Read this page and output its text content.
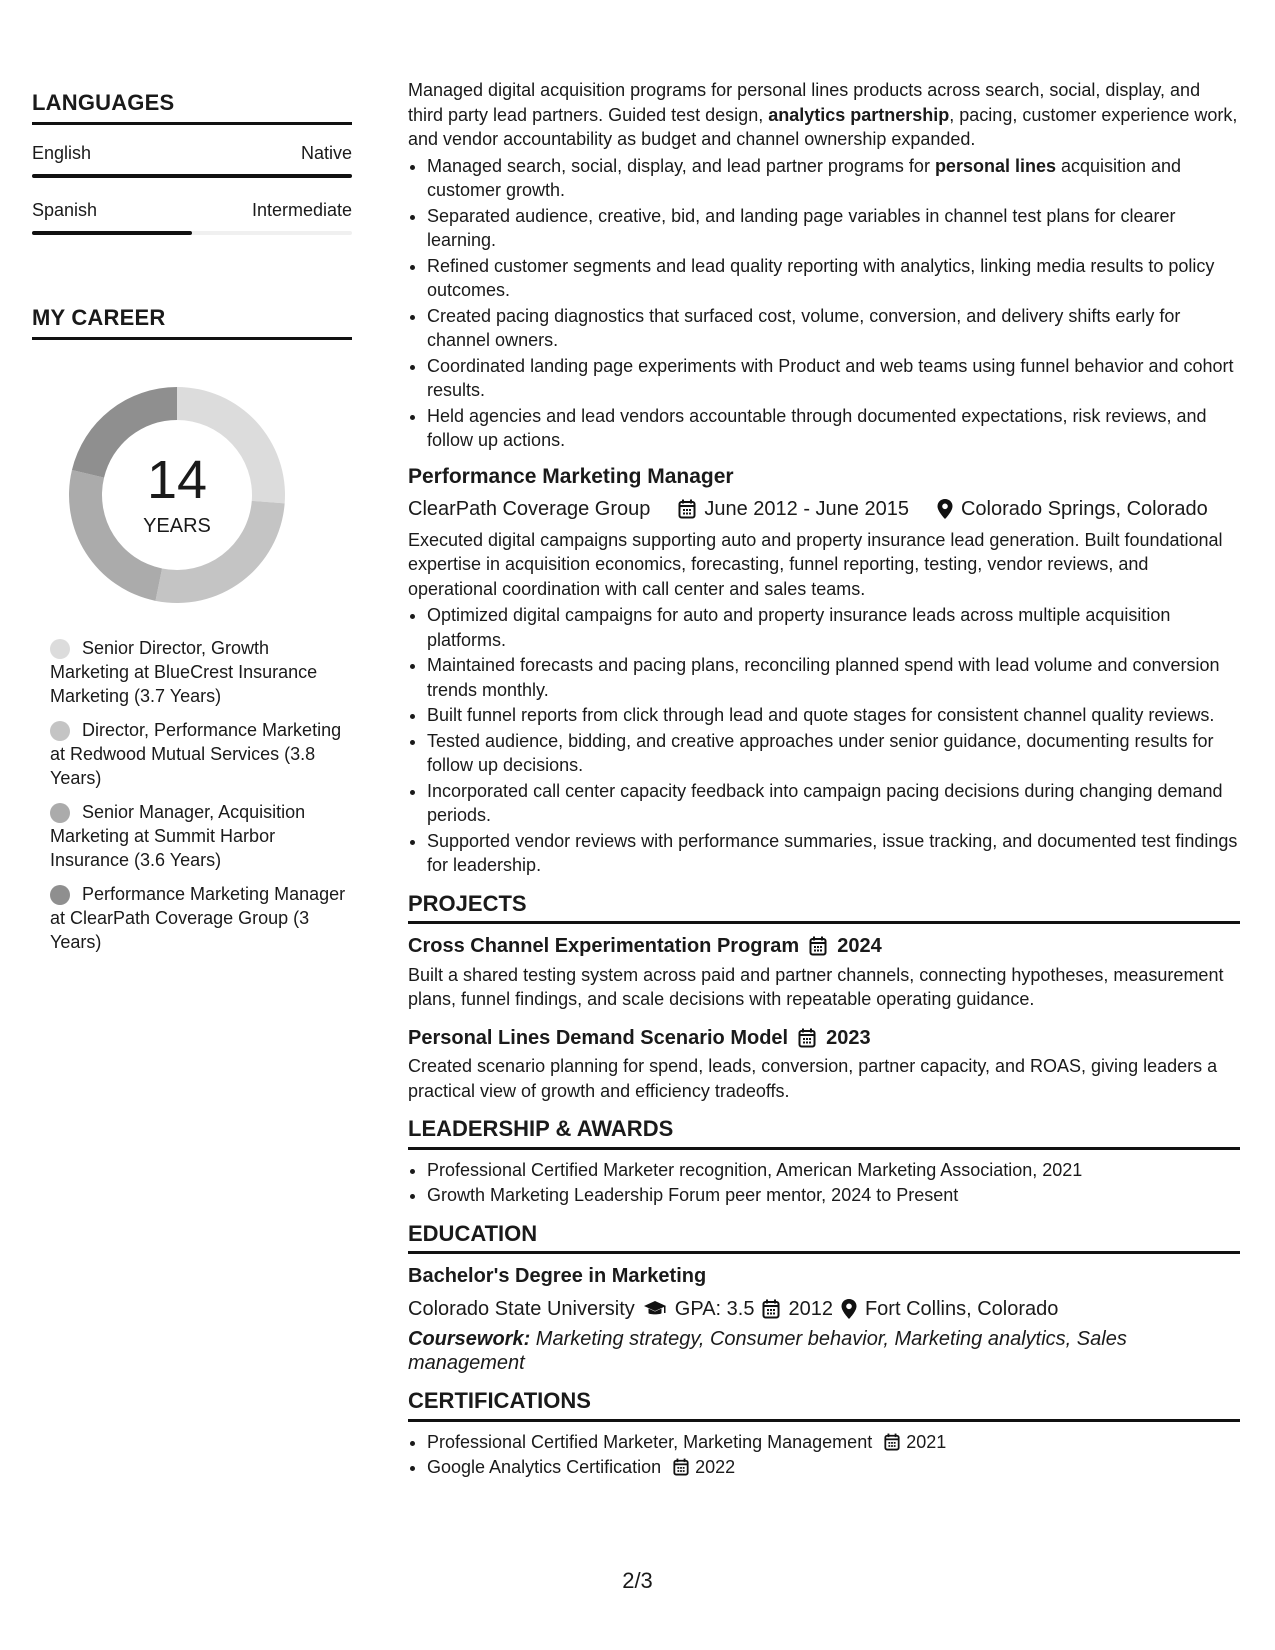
LANGUAGES
English	Native
Spanish	Intermediate
MY CAREER
14
YEARS
Senior Director, Growth Marketing at BlueCrest Insurance Marketing (3.7 Years)
Director, Performance Marketing at Redwood Mutual Services (3.8 Years)
Senior Manager, Acquisition Marketing at Summit Harbor Insurance (3.6 Years)
Performance Marketing Manager at ClearPath Coverage Group (3 Years)

Managed digital acquisition programs for personal lines products across search, social, display, and third party lead partners. Guided test design, analytics partnership, pacing, customer experience work, and vendor accountability as budget and channel ownership expanded.

• Managed search, social, display, and lead partner programs for personal lines acquisition and customer growth.
• Separated audience, creative, bid, and landing page variables in channel test plans for clearer learning.
• Refined customer segments and lead quality reporting with analytics, linking media results to policy outcomes.
• Created pacing diagnostics that surfaced cost, volume, conversion, and delivery shifts early for channel owners.
• Coordinated landing page experiments with Product and web teams using funnel behavior and cohort results.
• Held agencies and lead vendors accountable through documented expectations, risk reviews, and follow up actions.
Performance Marketing Manager
ClearPath Coverage Group	June 2012 - June 2015	Colorado Springs, Colorado

Executed digital campaigns supporting auto and property insurance lead generation. Built foundational expertise in acquisition economics, forecasting, funnel reporting, testing, vendor reviews, and operational coordination with call center and sales teams.

• Optimized digital campaigns for auto and property insurance leads across multiple acquisition platforms.
• Maintained forecasts and pacing plans, reconciling planned spend with lead volume and conversion trends monthly.
• Built funnel reports from click through lead and quote stages for consistent channel quality reviews.
• Tested audience, bidding, and creative approaches under senior guidance, documenting results for follow up decisions.
• Incorporated call center capacity feedback into campaign pacing decisions during changing demand periods.
• Supported vendor reviews with performance summaries, issue tracking, and documented test findings for leadership.
PROJECTS
Cross Channel Experimentation Program 2024

Built a shared testing system across paid and partner channels, connecting hypotheses, measurement plans, funnel findings, and scale decisions with repeatable operating guidance.

Personal Lines Demand Scenario Model 2023

Created scenario planning for spend, leads, conversion, partner capacity, and ROAS, giving leaders a practical view of growth and efficiency tradeoffs.

LEADERSHIP & AWARDS
• Professional Certified Marketer recognition, American Marketing Association, 2021
• Growth Marketing Leadership Forum peer mentor, 2024 to Present
EDUCATION
Bachelor's Degree in Marketing
Colorado State University GPA: 3.5 2012 Fort Collins, Colorado
Coursework: Marketing strategy, Consumer behavior, Marketing analytics, Sales management
CERTIFICATIONS
• Professional Certified Marketer, Marketing Management 2021
• Google Analytics Certification 2022
2/3
